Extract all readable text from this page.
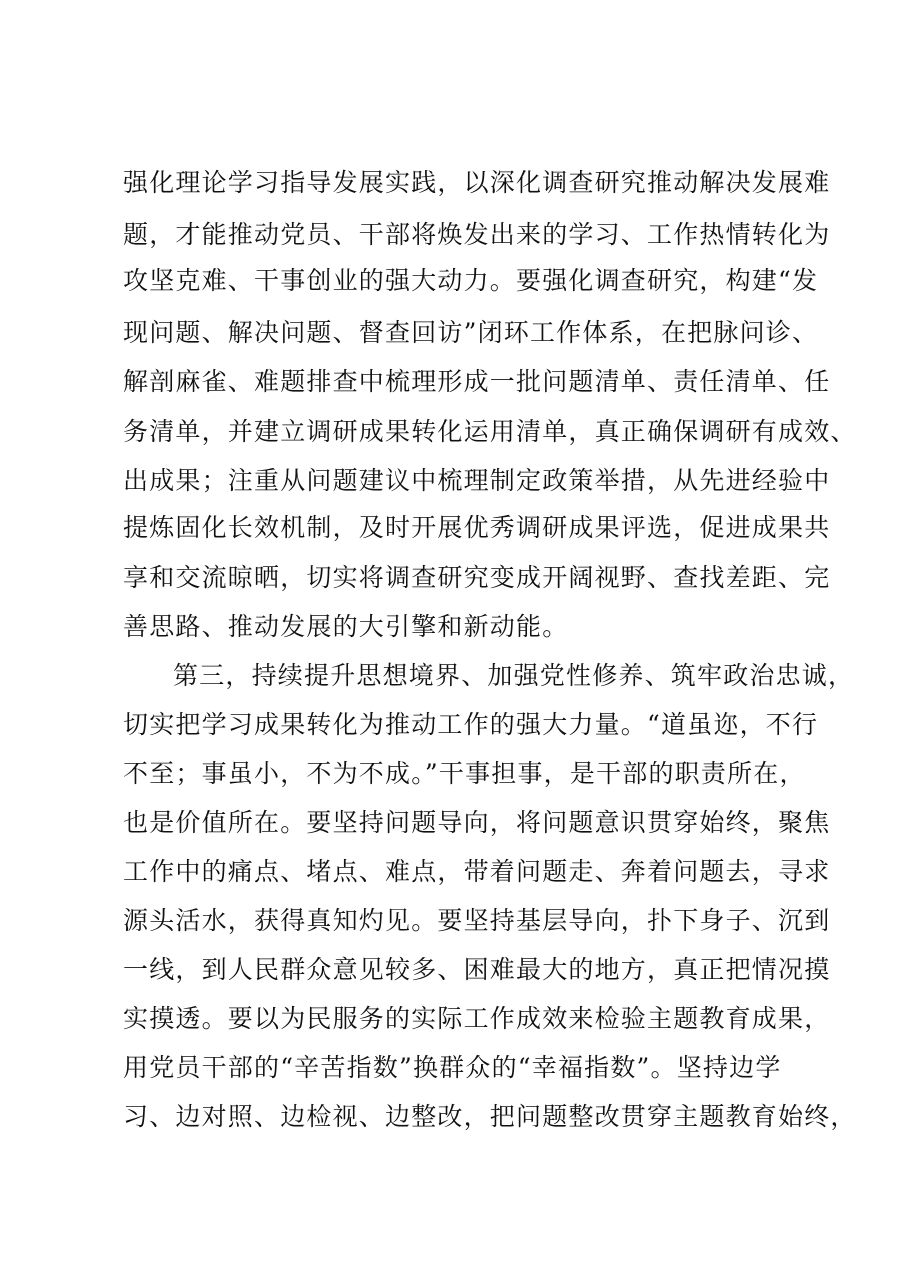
强化理论学习指导发展实践，以深化调查研究推动解决发展难
题，才能推动党员、干部将焕发出来的学习、工作热情转化为
攻坚克难、干事创业的强大动力。要强化调查研究，构建“发
现问题、解决问题、督查回访”闭环工作体系，在把脉问诊、
解剖麻雀、难题排查中梳理形成一批问题清单、责任清单、任
务清单，并建立调研成果转化运用清单，真正确保调研有成效、
出成果；注重从问题建议中梳理制定政策举措，从先进经验中
提炼固化长效机制，及时开展优秀调研成果评选，促进成果共
享和交流晾晒，切实将调查研究变成开阔视野、查找差距、完
善思路、推动发展的大引擎和新动能。
第三，持续提升思想境界、加强党性修养、筑牢政治忠诚，
切实把学习成果转化为推动工作的强大力量。“道虽迩，不行
不至；事虽小，不为不成。”干事担事，是干部的职责所在，
也是价值所在。要坚持问题导向，将问题意识贯穿始终，聚焦
工作中的痛点、堵点、难点，带着问题走、奔着问题去，寻求
源头活水，获得真知灼见。要坚持基层导向，扑下身子、沉到
一线，到人民群众意见较多、困难最大的地方，真正把情况摸
实摸透。要以为民服务的实际工作成效来检验主题教育成果，
用党员干部的“辛苦指数”换群众的“幸福指数”。坚持边学
习、边对照、边检视、边整改，把问题整改贯穿主题教育始终，
